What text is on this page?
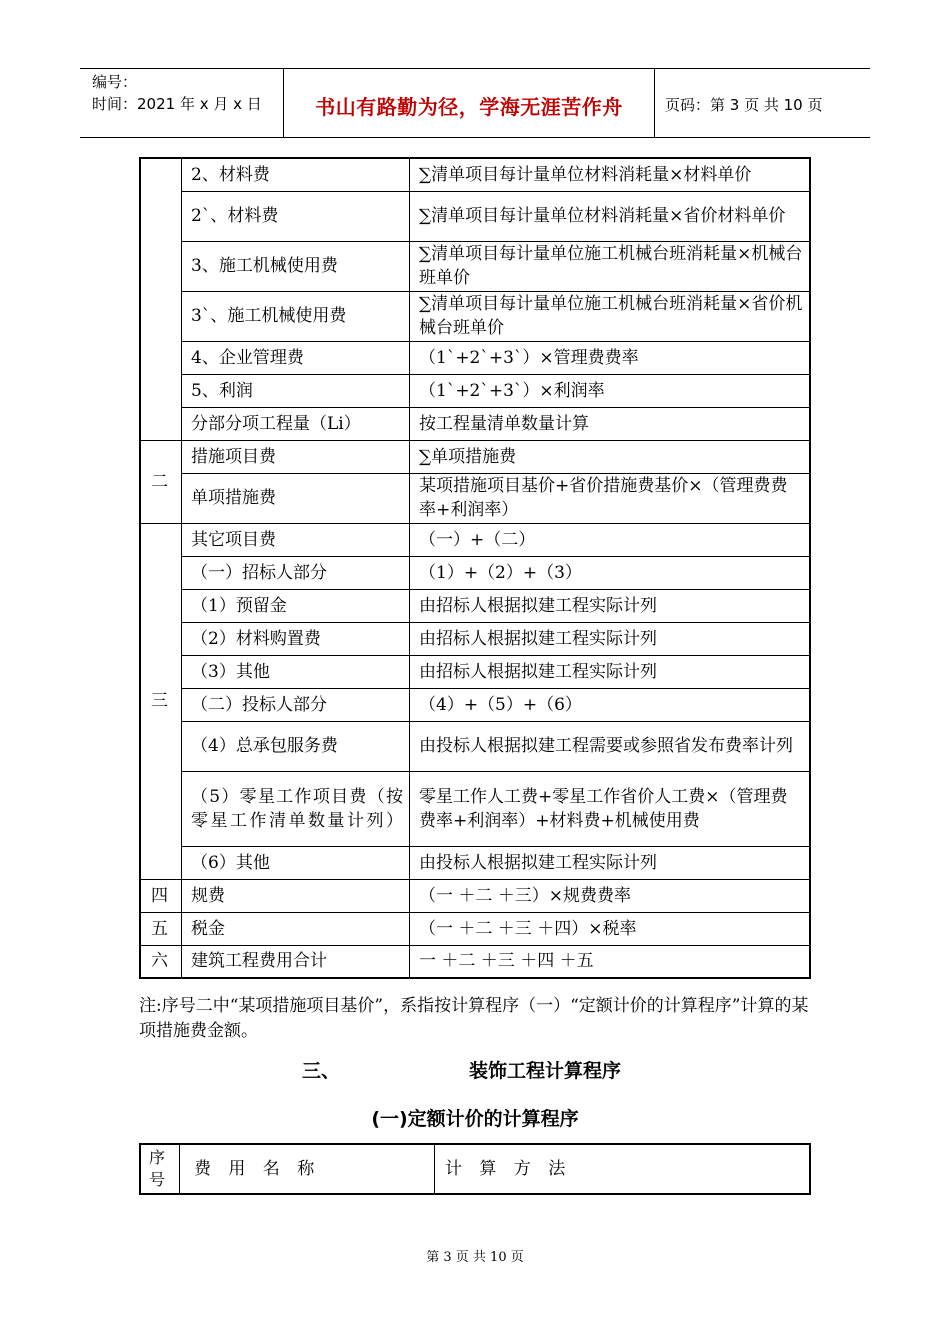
编号：
时间：2021 年 x 月 x 日	书山有路勤为径，学海无涯苦作舟	页码：第 3 页 共 10 页
	2、材料费	∑清单项目每计量单位材料消耗量×材料单价
	2`、材料费	∑清单项目每计量单位材料消耗量×省价材料单价
	3、施工机械使用费	∑清单项目每计量单位施工机械台班消耗量×机械台班单价
	3`、施工机械使用费	∑清单项目每计量单位施工机械台班消耗量×省价机械台班单价
	4、企业管理费	（1`+2`+3`）×管理费费率
	5、利润	（1`+2`+3`）×利润率
	分部分项工程量（Li）	按工程量清单数量计算
二	措施项目费	∑单项措施费
	单项措施费	某项措施项目基价+省价措施费基价×（管理费费率+利润率）
三	其它项目费	（一）+（二）
	（一）招标人部分	（1）+（2）+（3）
	（1）预留金	由招标人根据拟建工程实际计列
	（2）材料购置费	由招标人根据拟建工程实际计列
	（3）其他	由招标人根据拟建工程实际计列
	（二）投标人部分	（4）+（5）+（6）
	（4）总承包服务费	由投标人根据拟建工程需要或参照省发布费率计列

	（5）零星工作项目费（按零星工作清单数量计列）	零星工作人工费+零星工作省价人工费×（管理费费率+利润率）+材料费+机械使用费
	（6）其他	由投标人根据拟建工程实际计列
四	规费	（一 ＋二 ＋三）×规费费率
五	税金	（一 ＋二 ＋三 ＋四）×税率
六	建筑工程费用合计	一 ＋二 ＋三 ＋四 ＋五
注:序号二中“某项措施项目基价”，系指按计算程序（一）“定额计价的计算程序”计算的某项措施费金额。
三、	装饰工程计算程序
(一)定额计价的计算程序
序号	费 用 名 称	计 算 方 法
第 3 页 共 10 页
